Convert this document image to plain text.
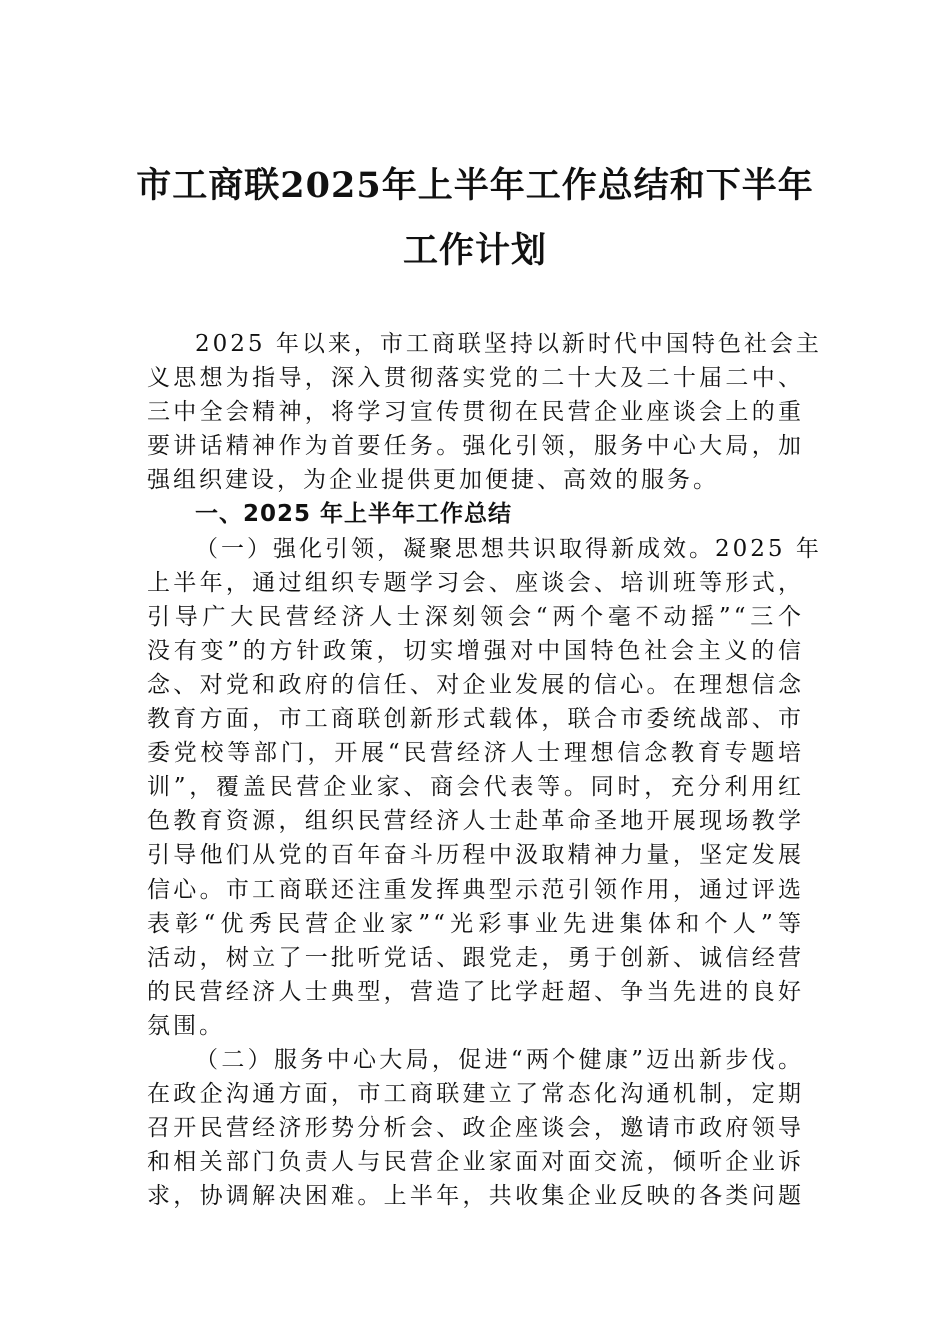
市工商联2025年上半年工作总结和下半年
工作计划
2025 年以来，市工商联坚持以新时代中国特色社会主
义思想为指导，深入贯彻落实党的二十大及二十届二中、
三中全会精神，将学习宣传贯彻在民营企业座谈会上的重
要讲话精神作为首要任务。强化引领，服务中心大局，加
强组织建设，为企业提供更加便捷、高效的服务。
一、2025 年上半年工作总结
（一）强化引领，凝聚思想共识取得新成效。2025 年
上半年，通过组织专题学习会、座谈会、培训班等形式，
引导广大民营经济人士深刻领会“两个毫不动摇”“三个
没有变”的方针政策，切实增强对中国特色社会主义的信
念、对党和政府的信任、对企业发展的信心。在理想信念
教育方面，市工商联创新形式载体，联合市委统战部、市
委党校等部门，开展“民营经济人士理想信念教育专题培
训”，覆盖民营企业家、商会代表等。同时，充分利用红
色教育资源，组织民营经济人士赴革命圣地开展现场教学
引导他们从党的百年奋斗历程中汲取精神力量，坚定发展
信心。市工商联还注重发挥典型示范引领作用，通过评选
表彰“优秀民营企业家”“光彩事业先进集体和个人”等
活动，树立了一批听党话、跟党走，勇于创新、诚信经营
的民营经济人士典型，营造了比学赶超、争当先进的良好
氛围。
（二）服务中心大局，促进“两个健康”迈出新步伐。
在政企沟通方面，市工商联建立了常态化沟通机制，定期
召开民营经济形势分析会、政企座谈会，邀请市政府领导
和相关部门负责人与民营企业家面对面交流，倾听企业诉
求，协调解决困难。上半年，共收集企业反映的各类问题
